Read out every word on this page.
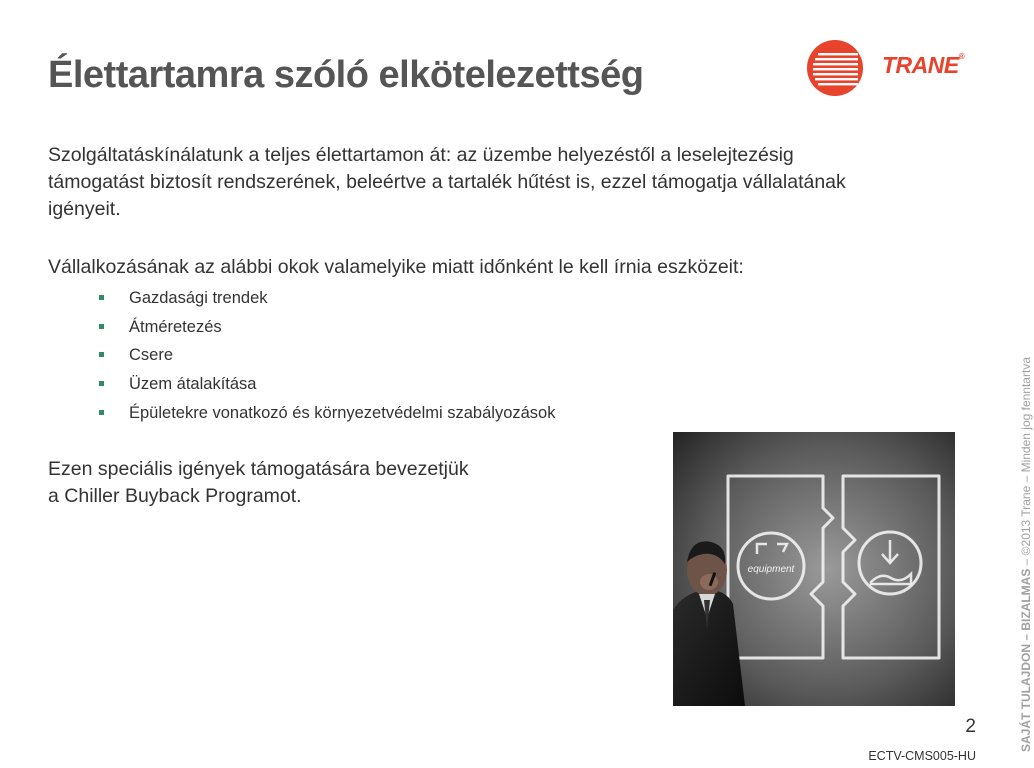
Élettartamra szóló elkötelezettség	TRANE®
Szolgáltatáskínálatunk a teljes élettartamon át: az üzembe helyezéstől a leselejtezésig támogatást biztosít rendszerének, beleértve a tartalék hűtést is, ezzel támogatja vállalatának igényeit.
Vállalkozásának az alábbi okok valamelyike miatt időnként le kell írnia eszközeit:
Gazdasági trendek
Átméretezés
Csere
Üzem átalakítása
Épületekre vonatkozó és környezetvédelmi szabályozások
Ezen speciális igények támogatására bevezetjük
a Chiller Buyback Programot.
equipment	SAJÁT TULAJDON – BIZALMAS – ©2013 Trane – Minden jog fenntartva
2
ECTV-CMS005-HU
